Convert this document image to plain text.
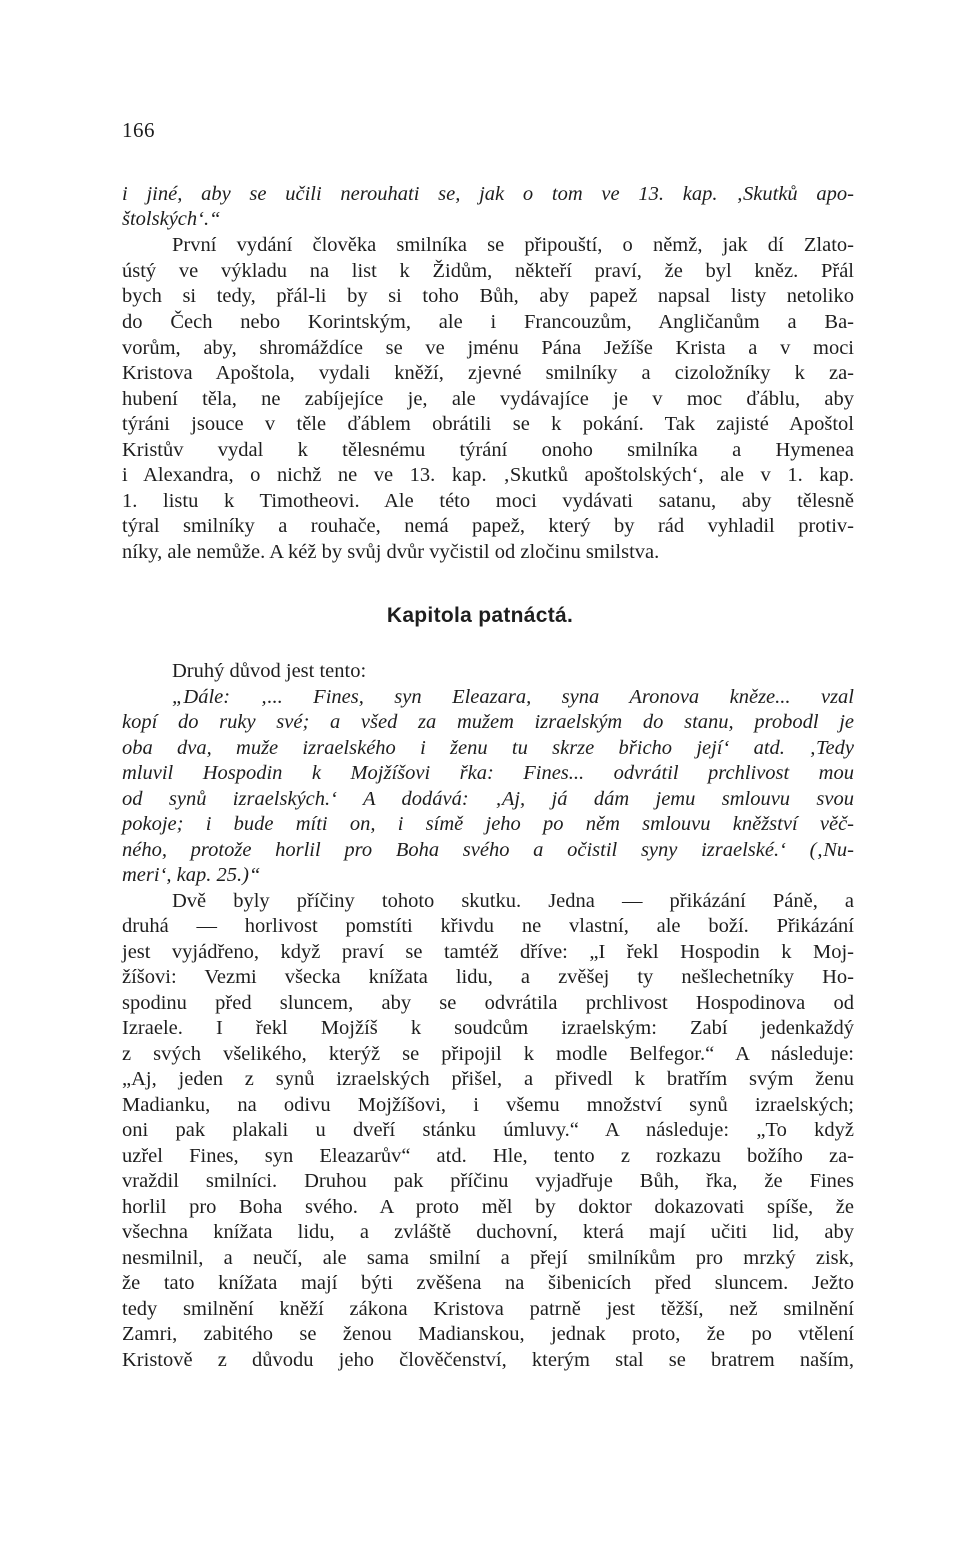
166
i jiné, aby se učili nerouhati se, jak o tom ve 13. kap. ‚Skutků apo-
štolských‘.“
První vydání člověka smilníka se připouští, o němž, jak dí Zlato-
ústý ve výkladu na list k Židům, někteří praví, že byl kněz. Přál
bych si tedy, přál-li by si toho Bůh, aby papež napsal listy netoliko
do Čech nebo Korintským, ale i Francouzům, Angličanům a Ba-
vorům, aby, shromáždíce se ve jménu Pána Ježíše Krista a v moci
Kristova Apoštola, vydali kněží, zjevné smilníky a cizoložníky k za-
hubení těla, ne zabíjejíce je, ale vydávajíce je v moc ďáblu, aby
týráni jsouce v těle ďáblem obrátili se k pokání. Tak zajisté Apoštol
Kristův vydal k tělesnému týrání onoho smilníka a Hymenea
i Alexandra, o nichž ne ve 13. kap. ‚Skutků apoštolských‘, ale v 1. kap.
1. listu k Timotheovi. Ale této moci vydávati satanu, aby tělesně
týral smilníky a rouhače, nemá papež, který by rád vyhladil protiv-
níky, ale nemůže. A kéž by svůj dvůr vyčistil od zločinu smilstva.
Kapitola patnáctá.
Druhý důvod jest tento:
„Dále: ‚... Fines, syn Eleazara, syna Aronova kněze... vzal
kopí do ruky své; a všed za mužem izraelským do stanu, probodl je
oba dva, muže izraelského i ženu tu skrze břicho její‘ atd. ‚Tedy
mluvil Hospodin k Mojžíšovi řka: Fines... odvrátil prchlivost mou
od synů izraelských.‘ A dodává: ‚Aj, já dám jemu smlouvu svou
pokoje; i bude míti on, i símě jeho po něm smlouvu kněžství věč-
ného, protože horlil pro Boha svého a očistil syny izraelské.‘ (‚Nu-
meri‘, kap. 25.)“
Dvě byly příčiny tohoto skutku. Jedna — přikázání Páně, a
druhá — horlivost pomstíti křivdu ne vlastní, ale boží. Přikázání
jest vyjádřeno, když praví se tamtéž dříve: „I řekl Hospodin k Moj-
žíšovi: Vezmi všecka knížata lidu, a zvěšej ty nešlechetníky Ho-
spodinu před sluncem, aby se odvrátila prchlivost Hospodinova od
Izraele. I řekl Mojžíš k soudcům izraelským: Zabí jedenkaždý
z svých všelikého, kterýž se připojil k modle Belfegor.“ A následuje:
„Aj, jeden z synů izraelských přišel, a přivedl k bratřím svým ženu
Madianku, na odivu Mojžíšovi, i všemu množství synů izraelských;
oni pak plakali u dveří stánku úmluvy.“ A následuje: „To když
uzřel Fines, syn Eleazarův“ atd. Hle, tento z rozkazu božího za-
vraždil smilníci. Druhou pak příčinu vyjadřuje Bůh, řka, že Fines
horlil pro Boha svého. A proto měl by doktor dokazovati spíše, že
všechna knížata lidu, a zvláště duchovní, která mají učiti lid, aby
nesmilnil, a neučí, ale sama smilní a přejí smilníkům pro mrzký zisk,
že tato knížata mají býti zvěšena na šibenicích před sluncem. Ježto
tedy smilnění kněží zákona Kristova patrně jest těžší, než smilnění
Zamri, zabitého se ženou Madianskou, jednak proto, že po vtělení
Kristově z důvodu jeho člověčenství, kterým stal se bratrem naším,
